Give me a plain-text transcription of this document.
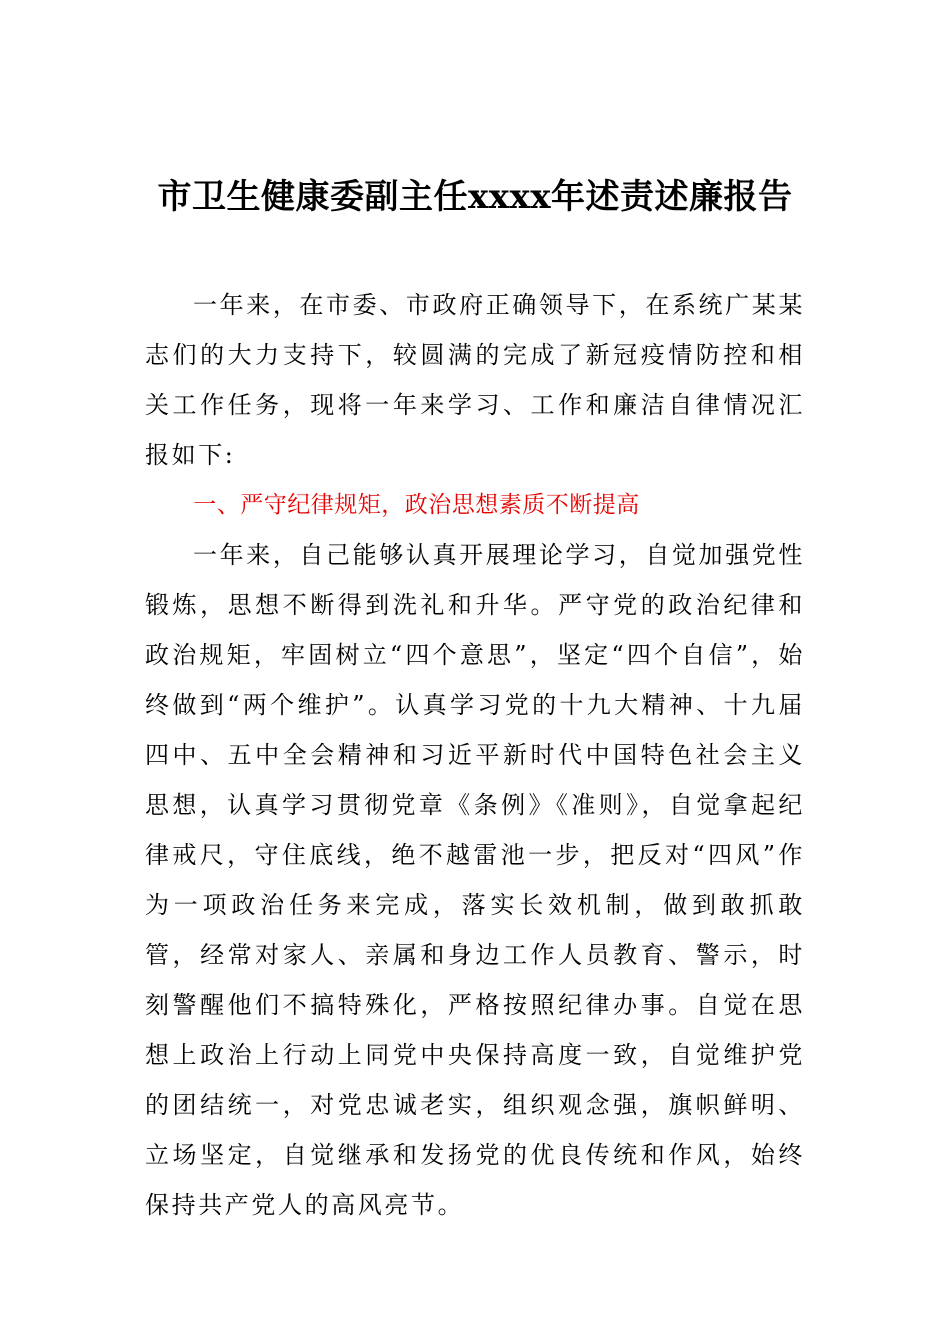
市卫生健康委副主任xxxx年述责述廉报告

一年来，在市委、市政府正确领导下，在系统广某某志们的大力支持下，较圆满的完成了新冠疫情防控和相关工作任务，现将一年来学习、工作和廉洁自律情况汇报如下:

一、严守纪律规矩，政治思想素质不断提高

一年来，自己能够认真开展理论学习，自觉加强党性锻炼，思想不断得到洗礼和升华。严守党的政治纪律和政治规矩，牢固树立“四个意思”，坚定“四个自信”，始终做到“两个维护”。认真学习党的十九大精神、十九届四中、五中全会精神和习近平新时代中国特色社会主义思想，认真学习贯彻党章《条例》《准则》，自觉拿起纪律戒尺，守住底线，绝不越雷池一步，把反对“四风”作为一项政治任务来完成，落实长效机制，做到敢抓敢管，经常对家人、亲属和身边工作人员教育、警示，时刻警醒他们不搞特殊化，严格按照纪律办事。自觉在思想上政治上行动上同党中央保持高度一致，自觉维护党的团结统一，对党忠诚老实，组织观念强，旗帜鲜明、立场坚定，自觉继承和发扬党的优良传统和作风，始终保持共产党人的高风亮节。
